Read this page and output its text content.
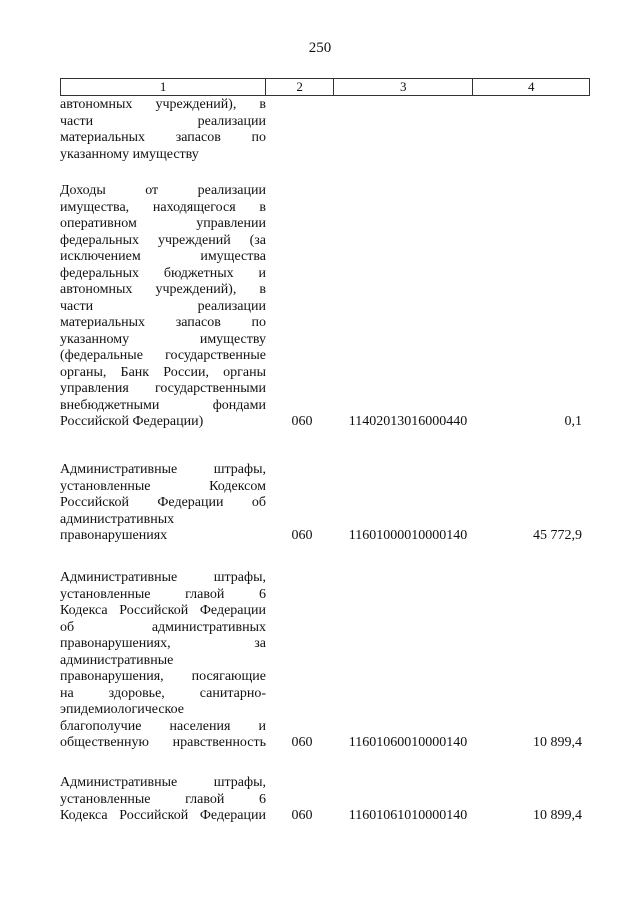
250
1	2	3	4
автономных учреждений), в
части реализации
материальных запасов по
указанному имуществу
Доходы от реализации
имущества, находящегося в
оперативном управлении
федеральных учреждений (за
исключением имущества
федеральных бюджетных и
автономных учреждений), в
части реализации
материальных запасов по
указанному имуществу
(федеральные государственные
органы, Банк России, органы
управления государственными
внебюджетными фондами
Российской Федерации)	060	11402013016000440	0,1
Административные штрафы,
установленные Кодексом
Российской Федерации об
административных
правонарушениях	060	11601000010000140	45 772,9
Административные штрафы,
установленные главой 6
Кодекса Российской Федерации
об административных
правонарушениях, за
административные
правонарушения, посягающие
на здоровье, санитарно-
эпидемиологическое
благополучие населения и
общественную нравственность	060	11601060010000140	10 899,4
Административные штрафы,
установленные главой 6
Кодекса Российской Федерации	060	11601061010000140	10 899,4
